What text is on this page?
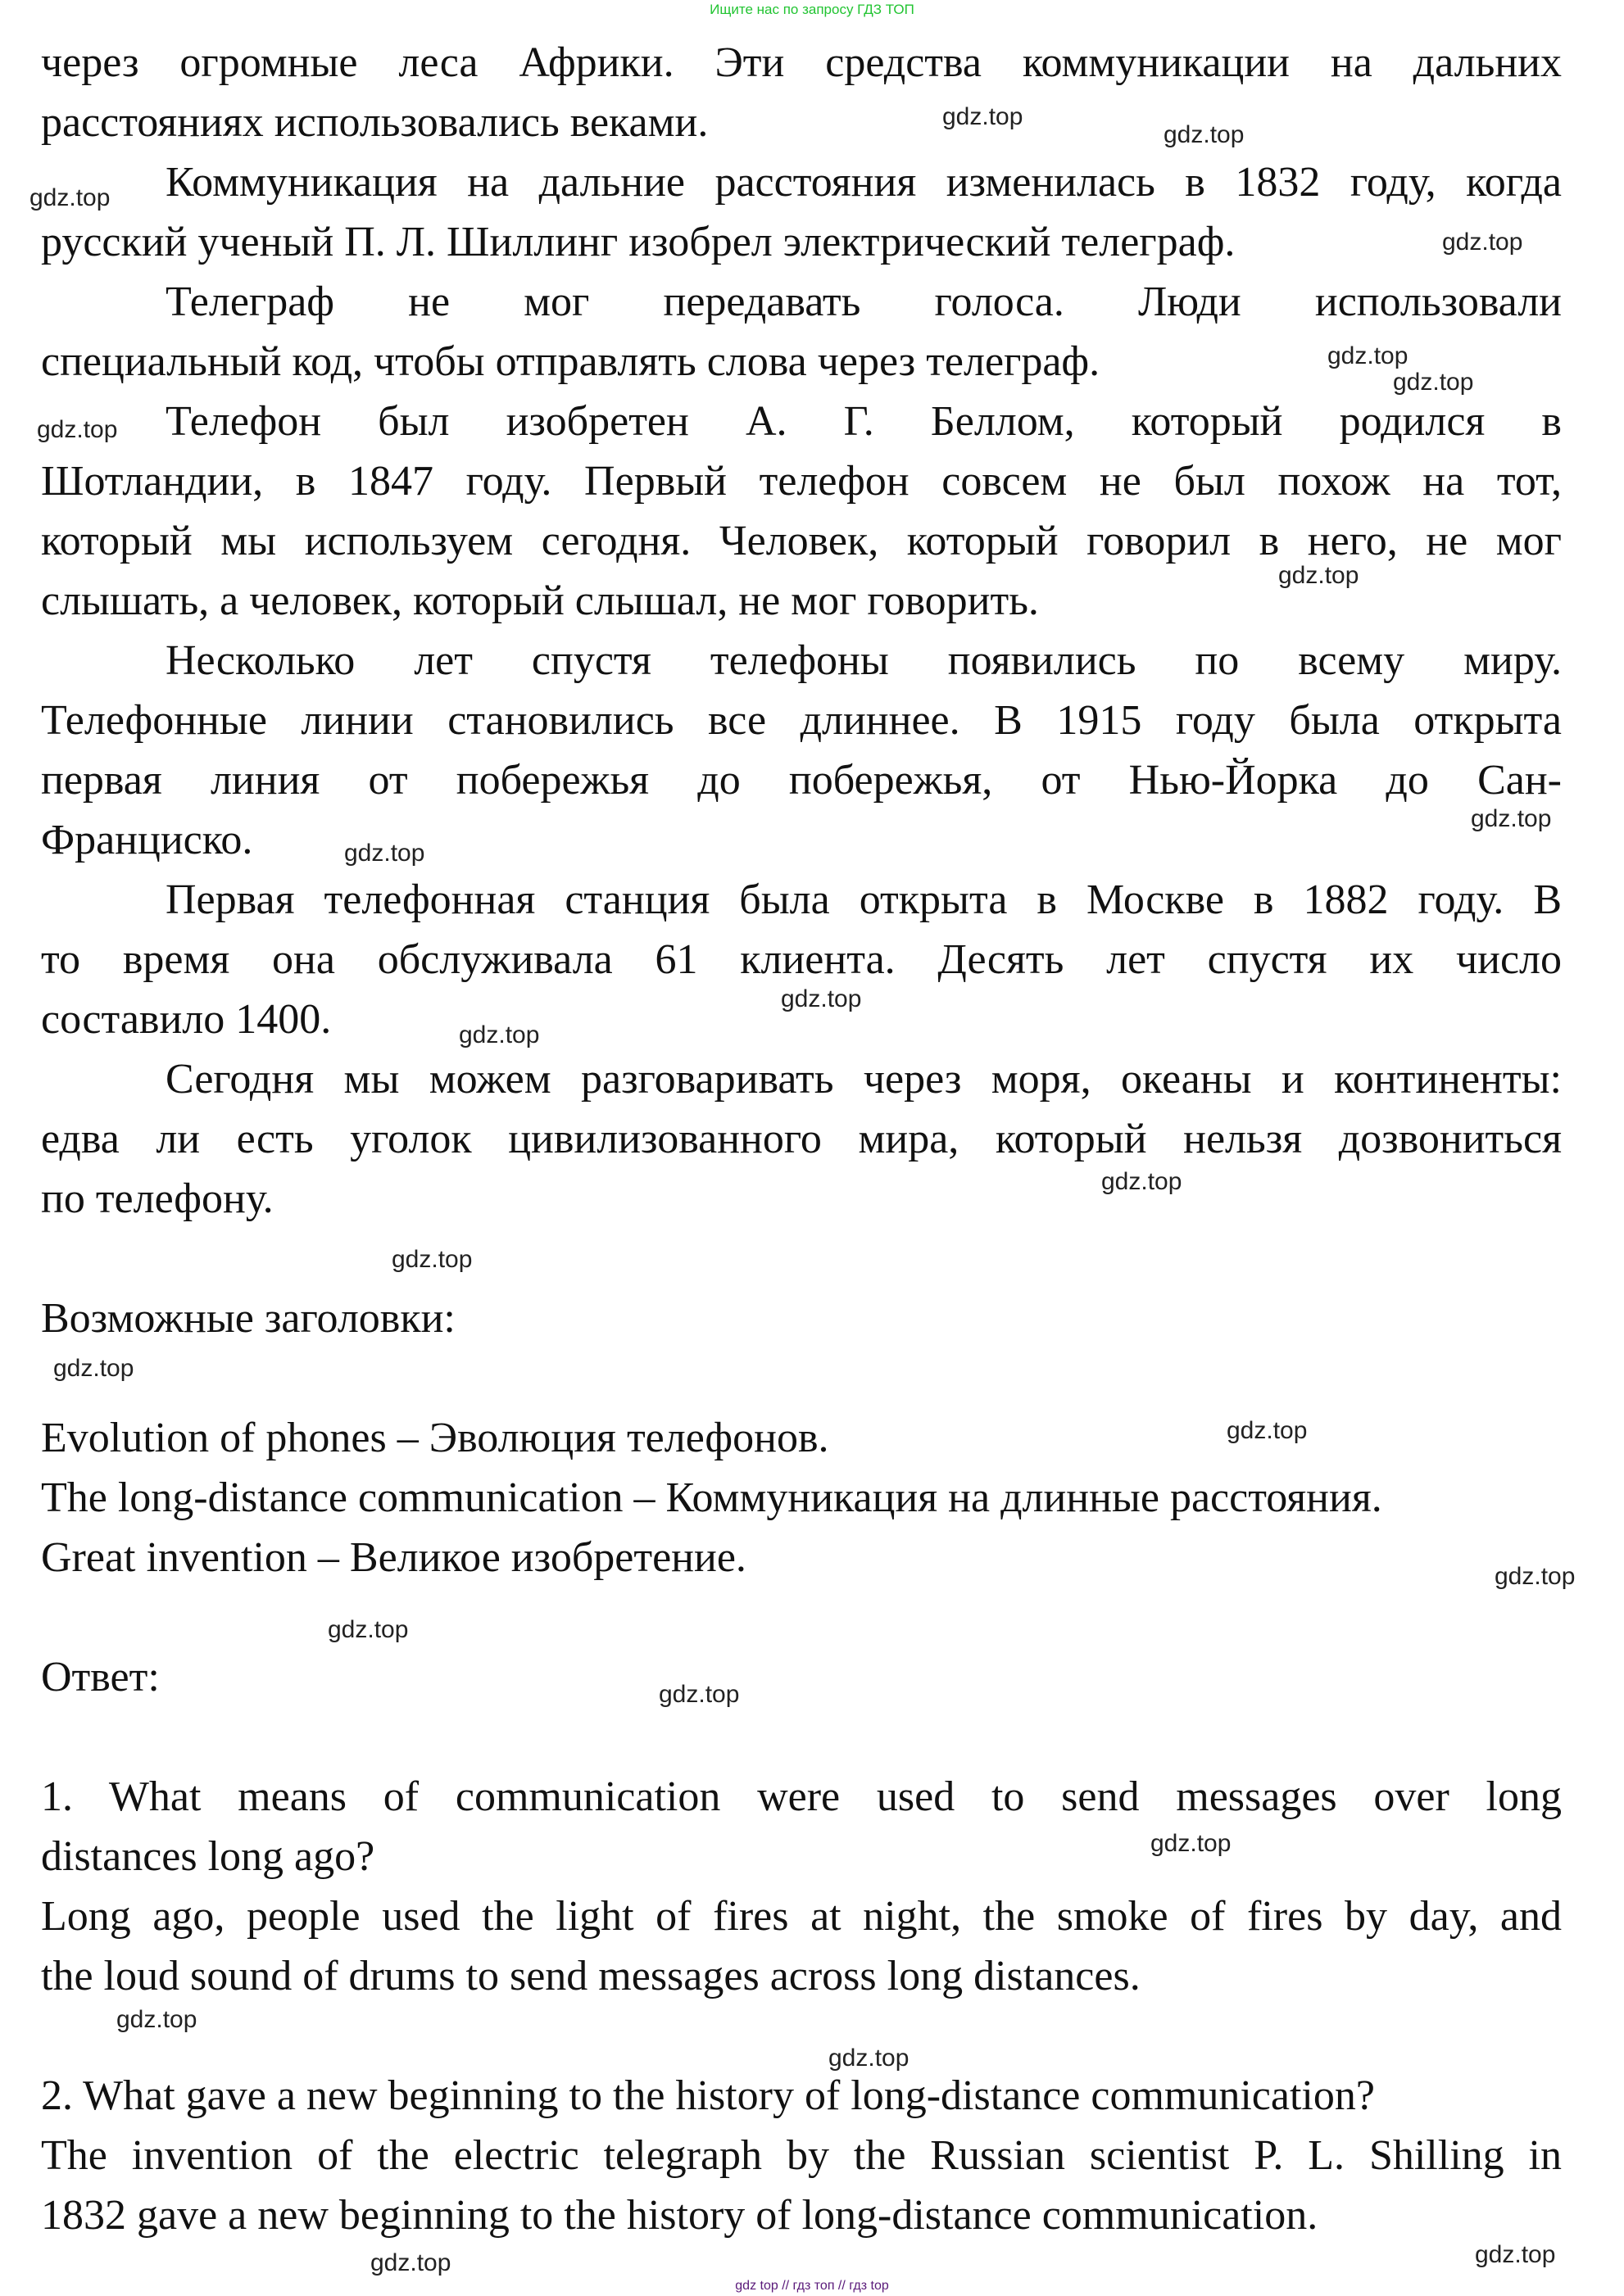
Ищите нас по запросу ГДЗ ТОП
через огромные леса Африки. Эти средства коммуникации на дальних
расстояниях использовались веками.
Коммуникация на дальние расстояния изменилась в 1832 году, когда
русский ученый П. Л. Шиллинг изобрел электрический телеграф.
Телеграф не мог передавать голоса. Люди использовали
специальный код, чтобы отправлять слова через телеграф.
Телефон был изобретен А. Г. Беллом, который родился в
Шотландии, в 1847 году. Первый телефон совсем не был похож на тот,
который мы используем сегодня. Человек, который говорил в него, не мог
слышать, а человек, который слышал, не мог говорить.
Несколько лет спустя телефоны появились по всему миру.
Телефонные линии становились все длиннее. В 1915 году была открыта
первая линия от побережья до побережья, от Нью-Йорка до Сан-
Франциско.
Первая телефонная станция была открыта в Москве в 1882 году. В
то время она обслуживала 61 клиента. Десять лет спустя их число
составило 1400.
Сегодня мы можем разговаривать через моря, океаны и континенты:
едва ли есть уголок цивилизованного мира, который нельзя дозвониться
по телефону.
Возможные заголовки:
Evolution of phones – Эволюция телефонов.
The long-distance communication – Коммуникация на длинные расстояния.
Great invention – Великое изобретение.
Ответ:
1. What means of communication were used to send messages over long
distances long ago?
Long ago, people used the light of fires at night, the smoke of fires by day, and
the loud sound of drums to send messages across long distances.
2. What gave a new beginning to the history of long-distance communication?
The invention of the electric telegraph by the Russian scientist P. L. Shilling in
1832 gave a new beginning to the history of long-distance communication.
gdz.top
gdz.top
gdz.top
gdz.top
gdz.top
gdz.top
gdz.top
gdz.top
gdz.top
gdz.top
gdz.top
gdz.top
gdz.top
gdz.top
gdz.top
gdz.top
gdz.top
gdz.top
gdz.top
gdz.top
gdz.top
gdz.top
gdz.top
gdz.top
gdz top // гдз топ // гдз top
